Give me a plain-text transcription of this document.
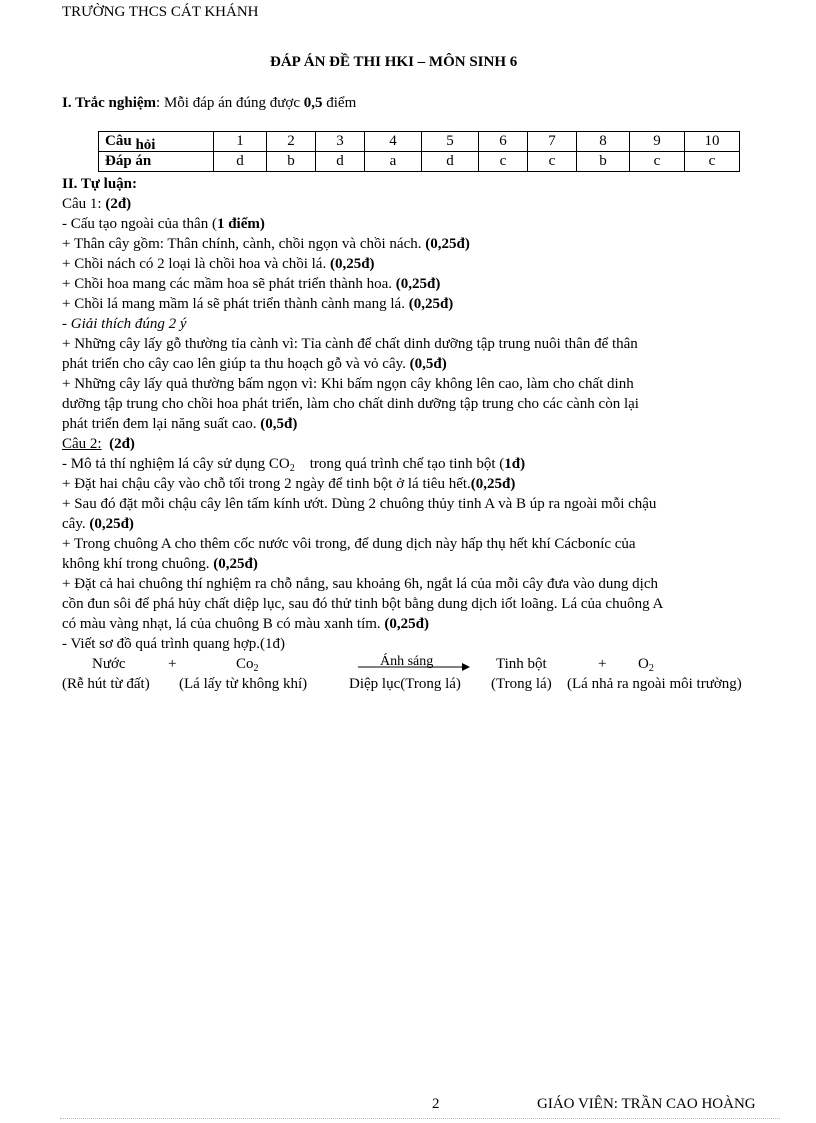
TRƯỜNG THCS CÁT KHÁNH
ĐÁP ÁN ĐỀ THI HKI – MÔN SINH 6
I. Trắc nghiệm: Mỗi đáp án đúng được 0,5 điểm
Câu hỏi	1	2	3	4	5	6	7	8	9	10
Đáp án	d	b	d	a	d	c	c	b	c	c
II. Tự luận:
Câu 1: (2đ)
- Cấu tạo ngoài của thân (1 điểm)
+ Thân cây gồm: Thân chính, cành, chồi ngọn và chồi nách. (0,25đ)
+ Chồi nách có 2 loại là chồi hoa và chồi lá. (0,25đ)
+ Chồi hoa mang các mầm hoa sẽ phát triển thành hoa. (0,25đ)
+ Chồi lá mang mầm lá sẽ phát triển thành cành mang lá. (0,25đ)
- Giải thích đúng 2 ý
+ Những cây lấy gỗ thường tỉa cành vì: Tỉa cành để chất dinh dưỡng tập trung nuôi thân để thân
phát triển cho cây cao lên giúp ta thu hoạch gỗ và vỏ cây. (0,5đ)
+ Những cây lấy quả thường bấm ngọn vì: Khi bấm ngọn cây không lên cao, làm cho chất dinh
dưỡng tập trung cho chồi hoa phát triển, làm cho chất dinh dưỡng tập trung cho các cành còn lại
phát triển đem lại năng suất cao. (0,5đ)
Câu 2: (2đ)
- Mô tả thí nghiệm lá cây sử dụng $CO_2$ trong quá trình chế tạo tinh bột (1đ)
+ Đặt hai chậu cây vào chỗ tối trong 2 ngày để tinh bột ở lá tiêu hết.(0,25đ)
+ Sau đó đặt mỗi chậu cây lên tấm kính ướt. Dùng 2 chuông thủy tinh A và B úp ra ngoài mỗi chậu
cây. (0,25đ)
+ Trong chuông A cho thêm cốc nước vôi trong, để dung dịch này hấp thụ hết khí Cácboníc của
không khí trong chuông. (0,25đ)
+ Đặt cả hai chuông thí nghiệm ra chỗ nắng, sau khoảng 6h, ngắt lá của mỗi cây đưa vào dung dịch
cồn đun sôi để phá hủy chất diệp lục, sau đó thử tinh bột bằng dung dịch iốt loãng. Lá của chuông A
có màu vàng nhạt, lá của chuông B có màu xanh tím. (0,25đ)
- Viết sơ đồ quá trình quang hợp.(1đ)
Nước	+	$Co_2$	Ánh sáng	Tinh bột	+ $O_2$
(Rễ hút từ đất) (Lá lấy từ không khí)	Diệp lục(Trong lá) (Trong lá) (Lá nhả ra ngoài môi trường)
2	GIÁO VIÊN: TRẦN CAO HOÀNG
